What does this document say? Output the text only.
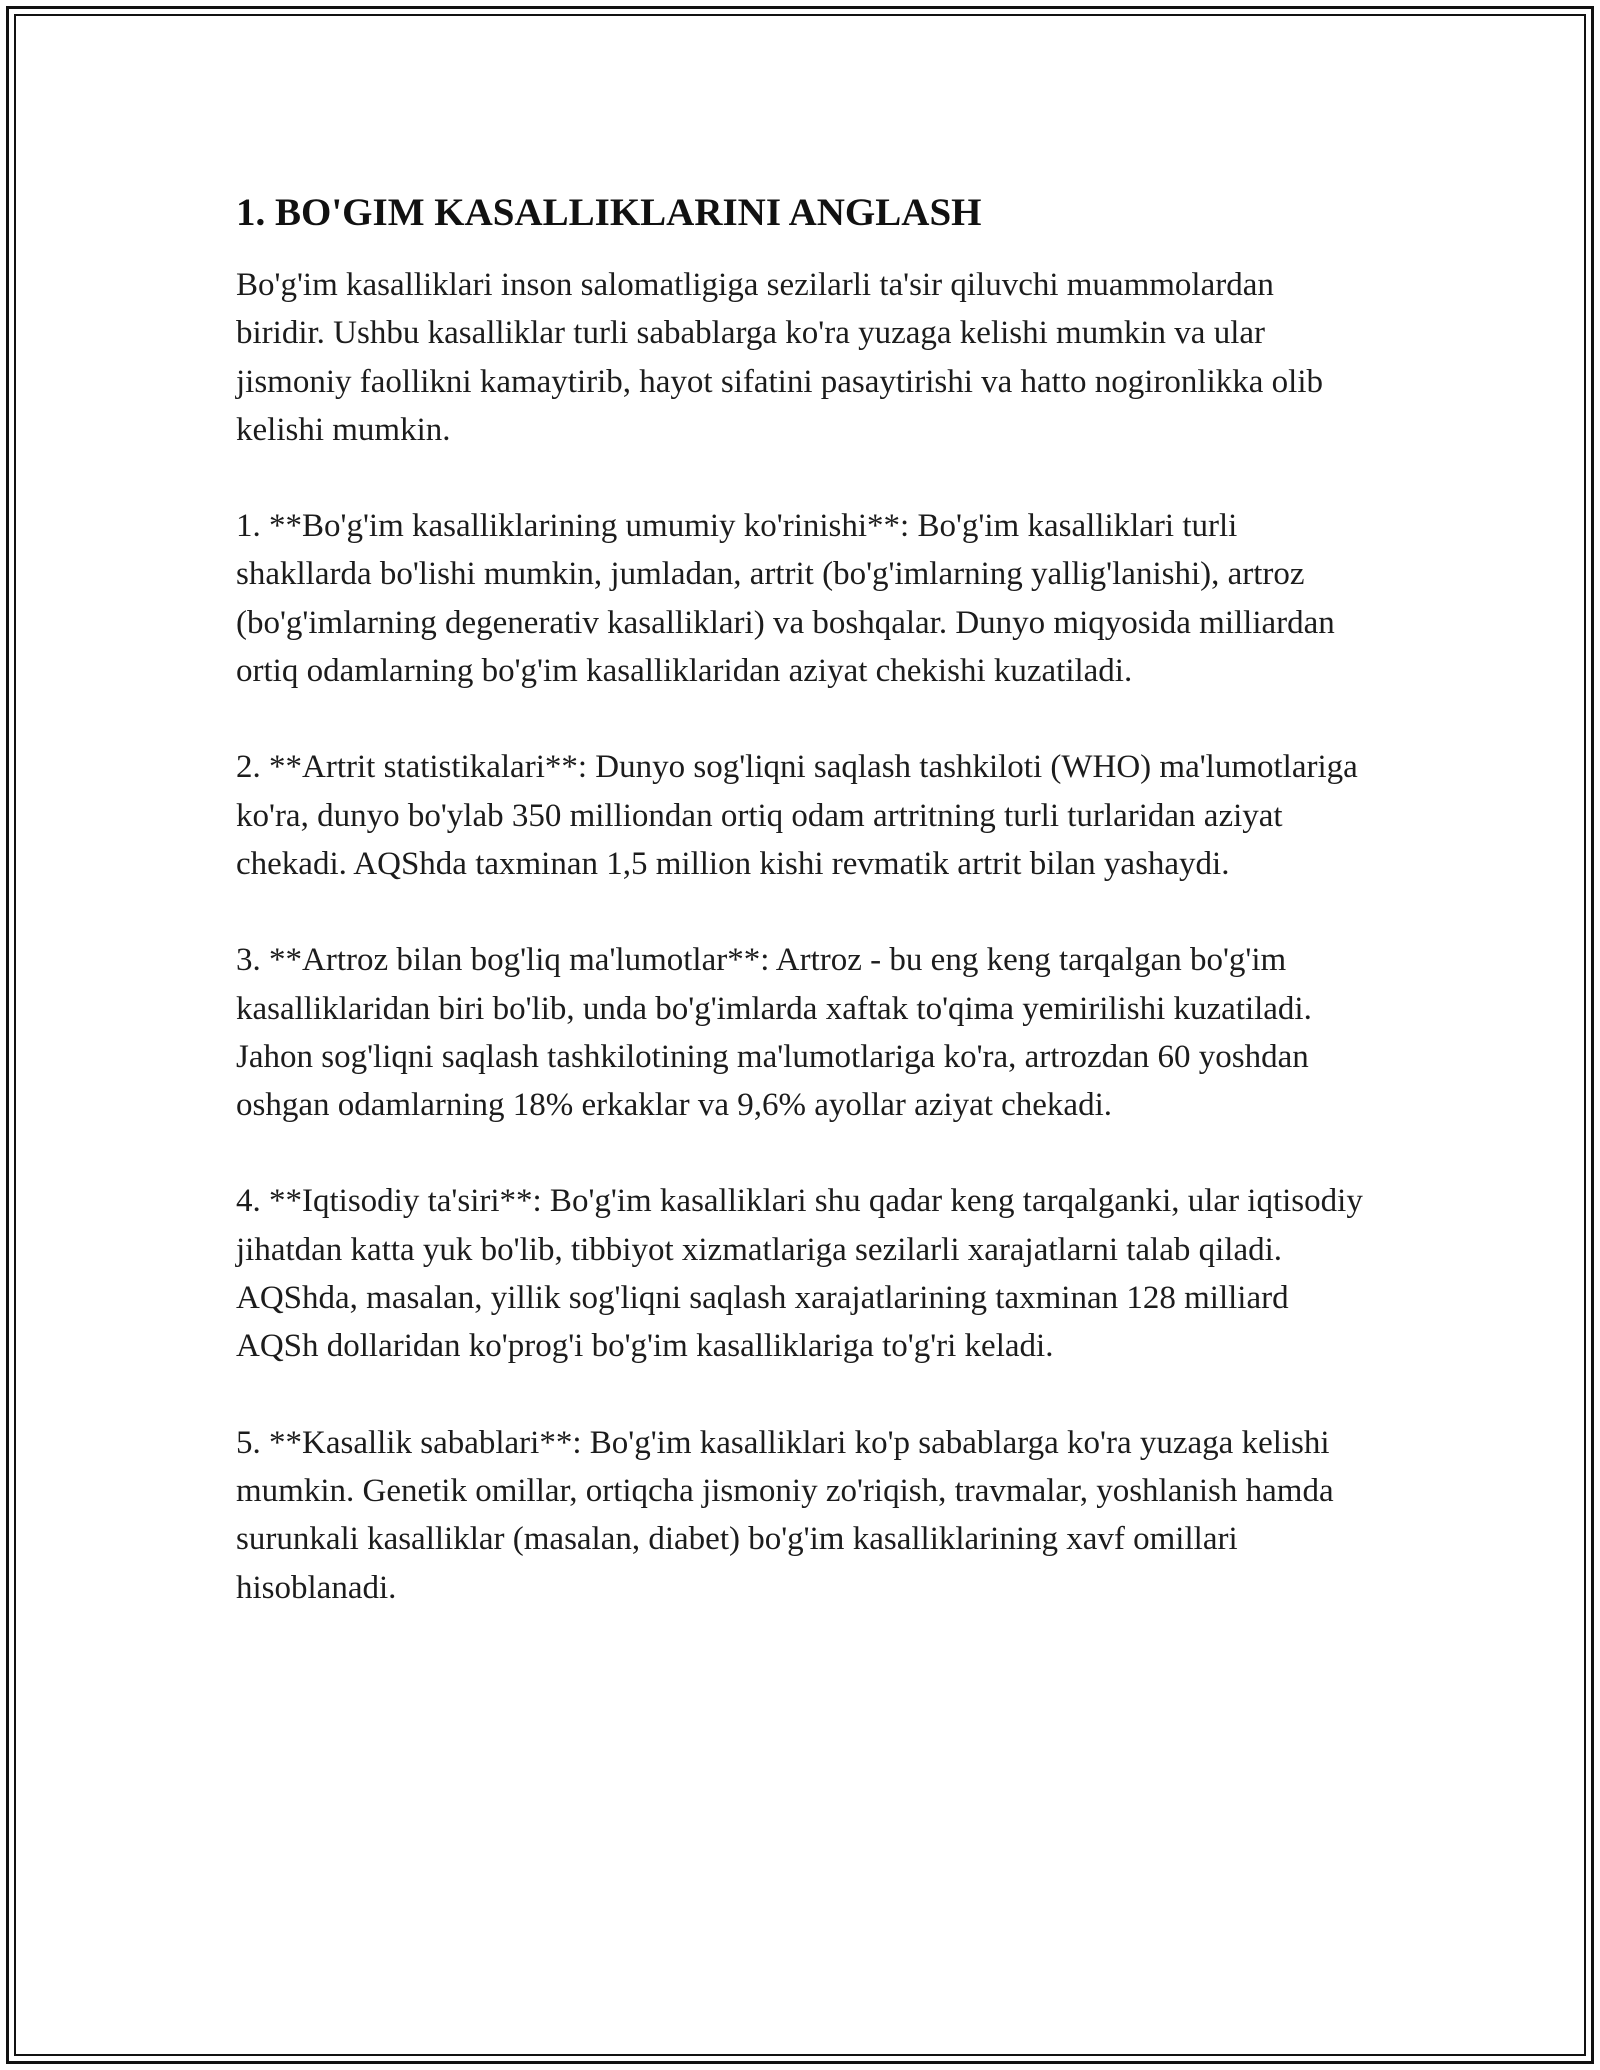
1. BO'GIM KASALLIKLARINI ANGLASH

Bo'g'im kasalliklari inson salomatligiga sezilarli ta'sir qiluvchi muammolardan biridir. Ushbu kasalliklar turli sabablarga ko'ra yuzaga kelishi mumkin va ular jismoniy faollikni kamaytirib, hayot sifatini pasaytirishi va hatto nogironlikka olib kelishi mumkin.

1. **Bo'g'im kasalliklarining umumiy ko'rinishi**: Bo'g'im kasalliklari turli shakllarda bo'lishi mumkin, jumladan, artrit (bo'g'imlarning yallig'lanishi), artroz (bo'g'imlarning degenerativ kasalliklari) va boshqalar. Dunyo miqyosida milliardan ortiq odamlarning bo'g'im kasalliklaridan aziyat chekishi kuzatiladi.

2. **Artrit statistikalari**: Dunyo sog'liqni saqlash tashkiloti (WHO) ma'lumotlariga ko'ra, dunyo bo'ylab 350 milliondan ortiq odam artritning turli turlaridan aziyat chekadi. AQShda taxminan 1,5 million kishi revmatik artrit bilan yashaydi.

3. **Artroz bilan bog'liq ma'lumotlar**: Artroz - bu eng keng tarqalgan bo'g'im kasalliklaridan biri bo'lib, unda bo'g'imlarda xaftak to'qima yemirilishi kuzatiladi. Jahon sog'liqni saqlash tashkilotining ma'lumotlariga ko'ra, artrozdan 60 yoshdan oshgan odamlarning 18% erkaklar va 9,6% ayollar aziyat chekadi.

4. **Iqtisodiy ta'siri**: Bo'g'im kasalliklari shu qadar keng tarqalganki, ular iqtisodiy jihatdan katta yuk bo'lib, tibbiyot xizmatlariga sezilarli xarajatlarni talab qiladi. AQShda, masalan, yillik sog'liqni saqlash xarajatlarining taxminan 128 milliard AQSh dollaridan ko'prog'i bo'g'im kasalliklariga to'g'ri keladi.

5. **Kasallik sabablari**: Bo'g'im kasalliklari ko'p sabablarga ko'ra yuzaga kelishi mumkin. Genetik omillar, ortiqcha jismoniy zo'riqish, travmalar, yoshlanish hamda surunkali kasalliklar (masalan, diabet) bo'g'im kasalliklarining xavf omillari hisoblanadi.
